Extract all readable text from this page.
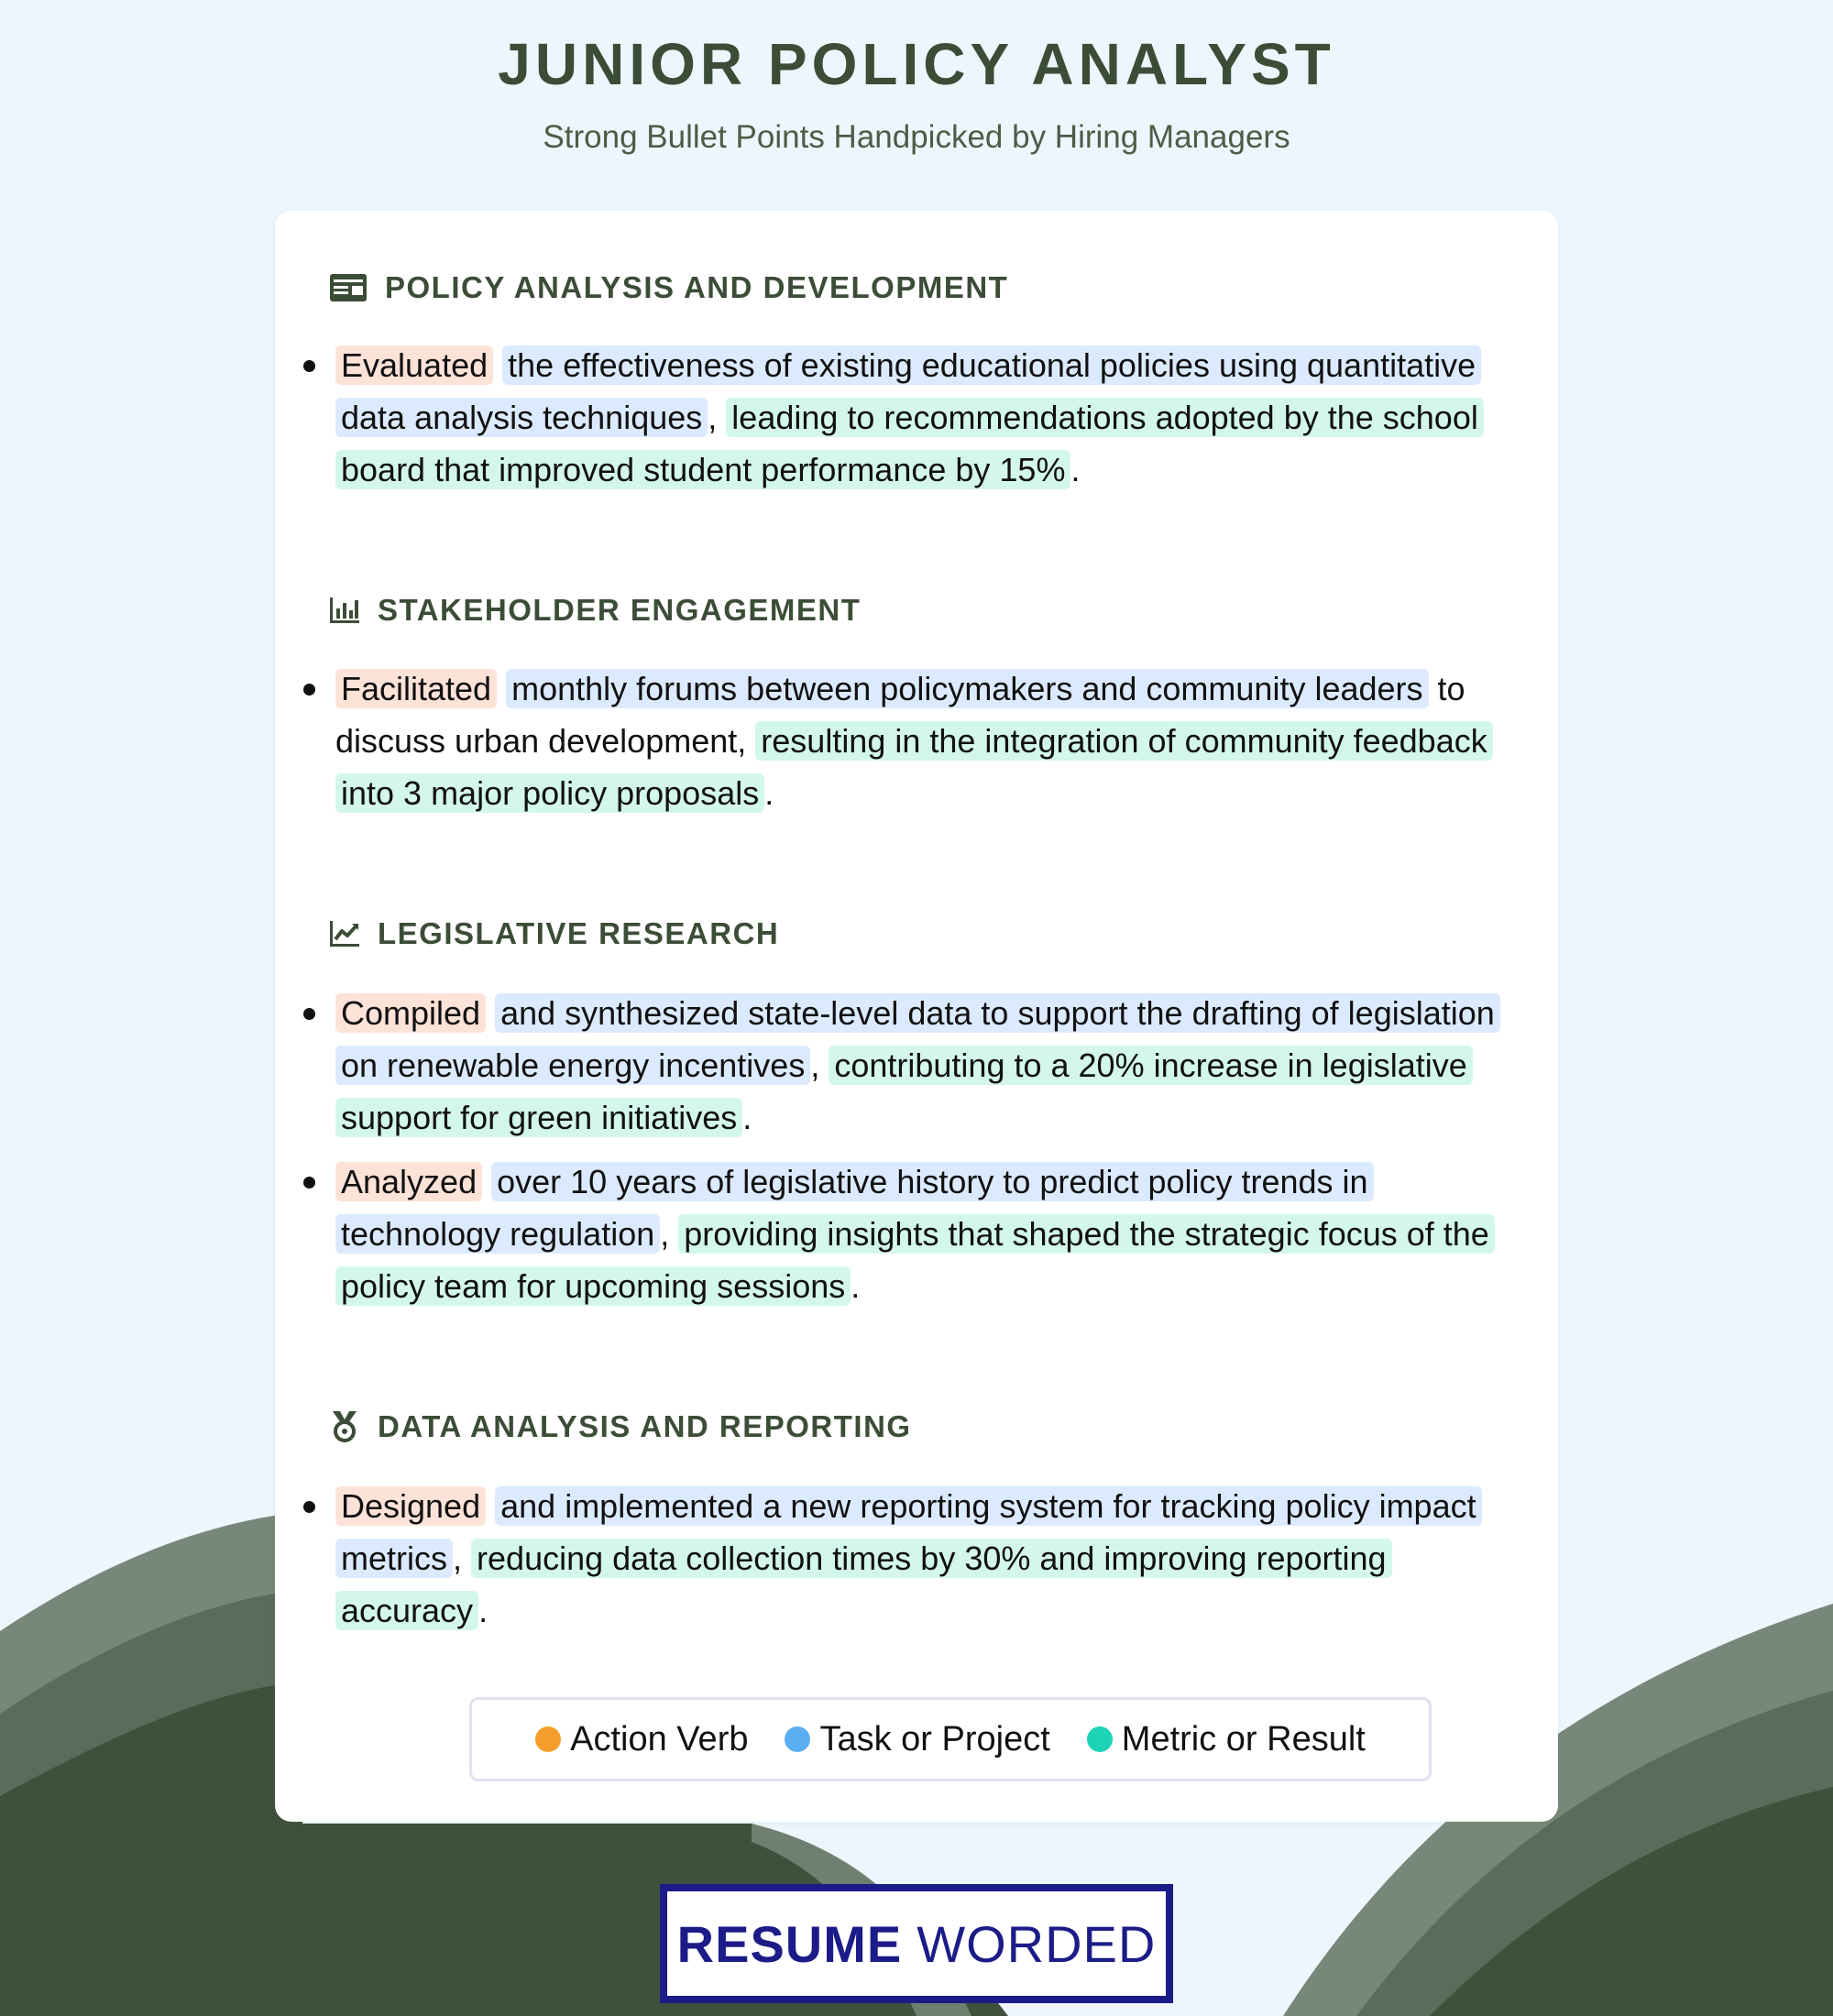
JUNIOR POLICY ANALYST
Strong Bullet Points Handpicked by Hiring Managers
POLICY ANALYSIS AND DEVELOPMENT
Evaluated the effectiveness of existing educational policies using quantitative data analysis techniques , leading to recommendations adopted by the school board that improved student performance by 15% .
STAKEHOLDER ENGAGEMENT
Facilitated monthly forums between policymakers and community leaders to discuss urban development, resulting in the integration of community feedback into 3 major policy proposals .
LEGISLATIVE RESEARCH
Compiled and synthesized state-level data to support the drafting of legislation on renewable energy incentives , contributing to a 20% increase in legislative support for green initiatives .
Analyzed over 10 years of legislative history to predict policy trends in technology regulation , providing insights that shaped the strategic focus of the policy team for upcoming sessions .
DATA ANALYSIS AND REPORTING
Designed and implemented a new reporting system for tracking policy impact metrics , reducing data collection times by 30% and improving reporting accuracy .
Action Verb Task or Project Metric or Result
RESUME WORDED
